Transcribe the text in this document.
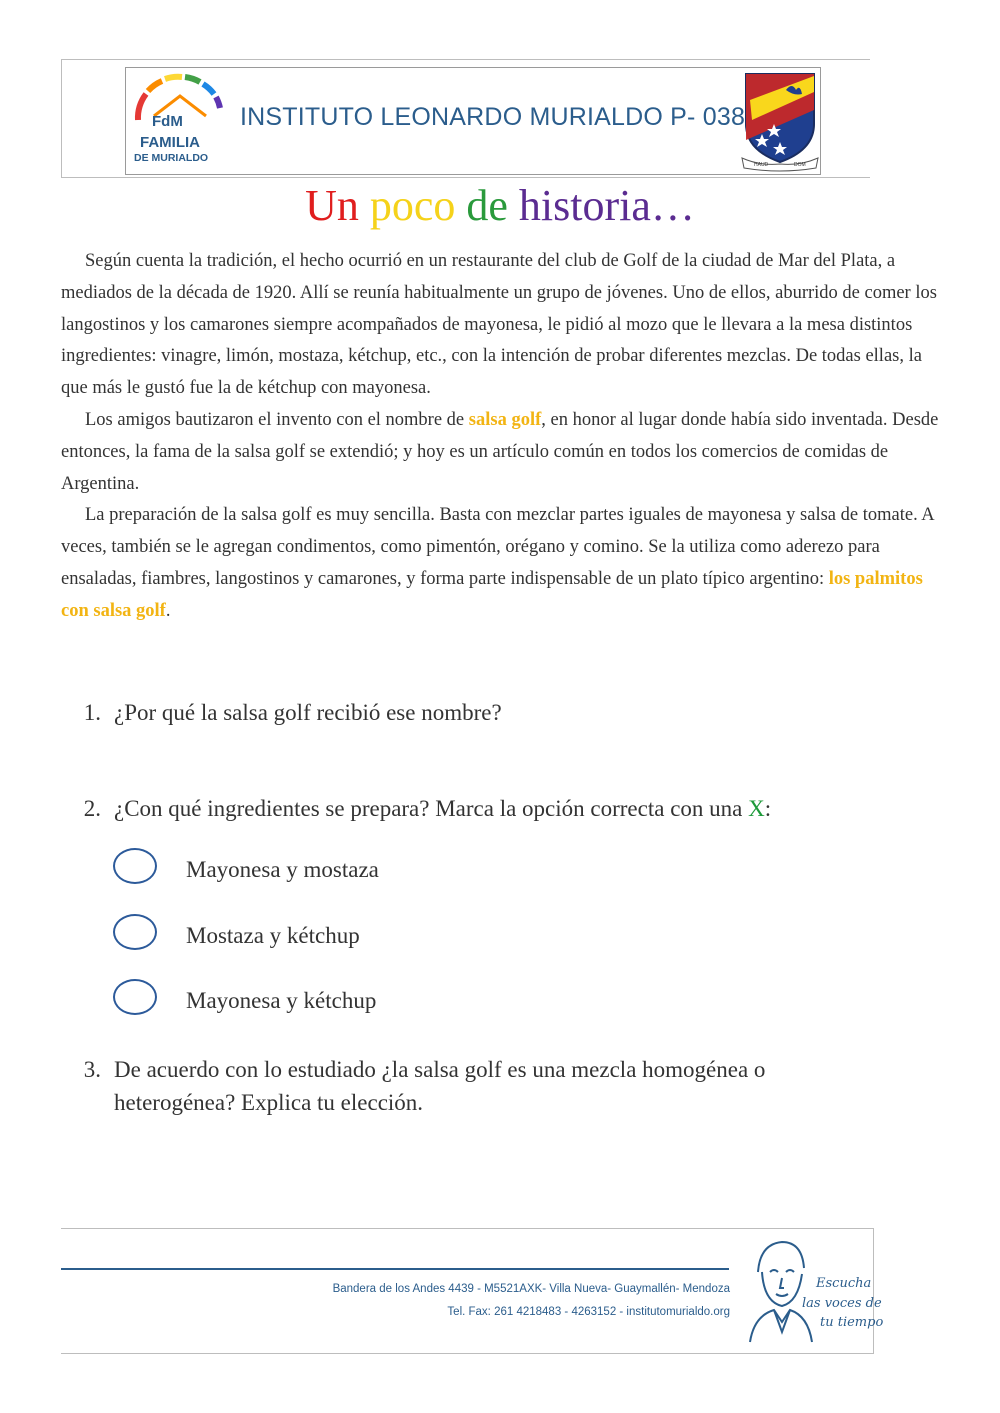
FdM
FAMILIA
DE MURIALDO
INSTITUTO LEONARDO MURIALDO P- 038
HAUD	DOM
Un poco de historia…

Según cuenta la tradición, el hecho ocurrió en un restaurante del club de Golf de la ciudad de Mar del Plata, a mediados de la década de 1920. Allí se reunía habitualmente un grupo de jóvenes. Uno de ellos, aburrido de comer los langostinos y los camarones siempre acompañados de mayonesa, le pidió al mozo que le llevara a la mesa distintos ingredientes: vinagre, limón, mostaza, kétchup, etc., con la intención de probar diferentes mezclas. De todas ellas, la que más le gustó fue la de kétchup con mayonesa.

Los amigos bautizaron el invento con el nombre de salsa golf, en honor al lugar donde había sido inventada. Desde entonces, la fama de la salsa golf se extendió; y hoy es un artículo común en todos los comercios de comidas de Argentina.

La preparación de la salsa golf es muy sencilla. Basta con mezclar partes iguales de mayonesa y salsa de tomate. A veces, también se le agregan condimentos, como pimentón, orégano y comino. Se la utiliza como aderezo para ensaladas, fiambres, langostinos y camarones, y forma parte indispensable de un plato típico argentino: los palmitos con salsa golf.

1. ¿Por qué la salsa golf recibió ese nombre?
2. ¿Con qué ingredientes se prepara? Marca la opción correcta con una X:
Mayonesa y mostaza
Mostaza y kétchup
Mayonesa y kétchup
3. De acuerdo con lo estudiado ¿la salsa golf es una mezcla homogénea o
heterogénea? Explica tu elección.
Bandera de los Andes 4439 - M5521AXK- Villa Nueva- Guaymallén- Mendoza
Tel. Fax: 261 4218483 - 4263152 - institutomurialdo.org
Escucha
las voces de
tu tiempo
